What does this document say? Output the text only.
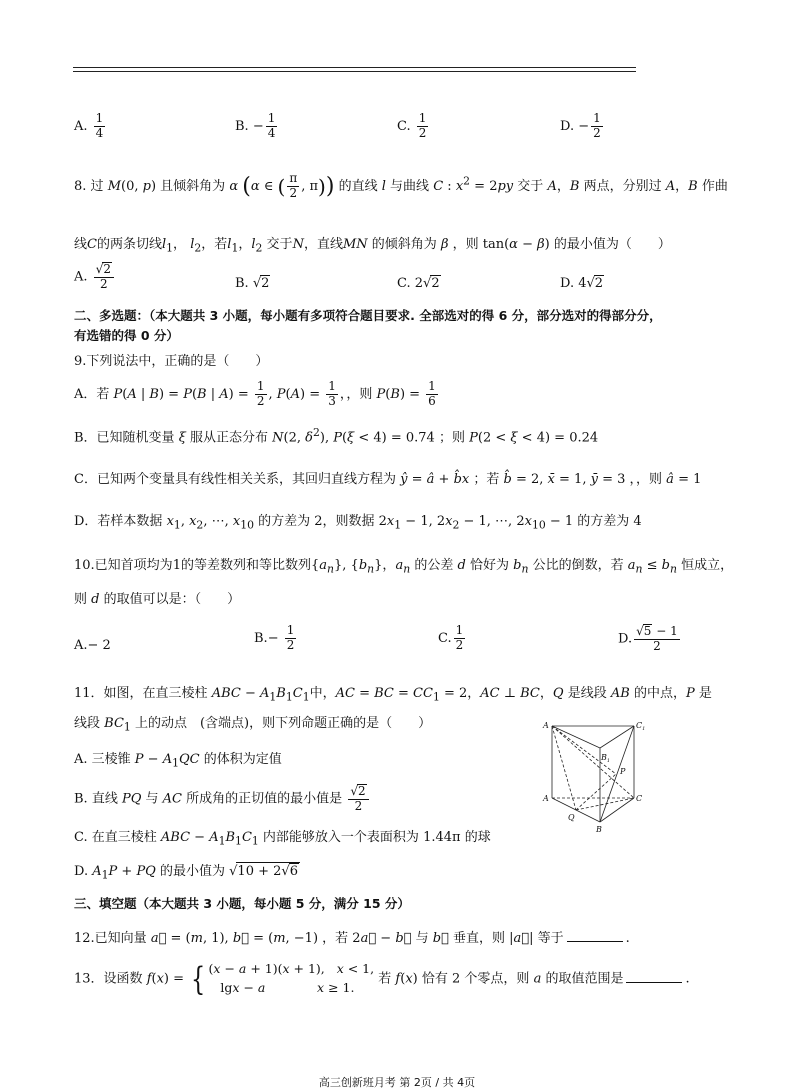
A. $\frac{1}{4}$	B. − $\frac{1}{4}$	C. $\frac{1}{2}$	D. − $\frac{1}{2}$
8. 过 M(0, p) 且倾斜角为 α (α ∈ ( $\frac{\pi}{2}$ , π)) 的直线 l 与曲线 C : $x^2 = 2py$ 交于 A，B 两点，分别过 A，B 作曲
线C的两条切线$l_1$， $l_2$，若$l_1$，$l_2$ 交于N，直线MN 的倾斜角为 β ，则 tan(α − β) 的最小值为（　　）
A. $\frac{√2}{2}$	B. √2	C. 2√2	D. 4√2
二、多选题：（本大题共 3 小题，每小题有多项符合题目要求. 全部选对的得 6 分，部分选对的得部分分，
有选错的得 0 分）
9.下列说法中，正确的是（　　）
A．若 P(A | B) = P(B | $A) = \frac{1}{2}$ , $P(A) = \frac{1}{3}$ ，，则 $P(B) = \frac{1}{6}$
B．已知随机变量 ξ 服从正态分布 N(2, $\delta^2$), P(ξ < 4) = 0.74 ；则 P(2 < ξ < 4) = 0.24
C．已知两个变量具有线性相关关系，其回归直线方程为 ŷ = â + b̂x ；若 b̂ = 2, x̄ = 1, ȳ = 3 ，，则 â = 1
D．若样本数据 $x_1$, $x_2$, ⋯, $x_{10}$ 的方差为 2，则数据 $2x_1 - 1$, $2x_2 - 1$, ⋯, $2x_{10} - 1$ 的方差为 4
10.已知首项均为1的等差数列和等比数列$\{a_n\}$, $\{b_n\}$，$a_n$ 的公差 d 恰好为 $b_n$ 公比的倒数，若 $a_n \le b_n$ 恒成立，
则 d 的取值可以是：（　　）
A.− 2	$B.- \frac{1}{2}$	C. $\frac{1}{2}$	D. $\frac{√5 - 1}{2}$
11．如图，在直三棱柱 ABC − $A_1B_1C_1$中，AC = BC = $CC_1 = 2$，AC ⊥ BC，Q 是线段 AB 的中点，P 是
线段 $BC_1$ 上的动点　(含端点)，则下列命题正确的是（　　）
A. 三棱锥 $P - A_1QC$ 的体积为定值
B. 直线 PQ 与 AC 所成角的正切值的最小值是 $\frac{√2}{2}$
C. 在直三棱柱 ABC − $A_1B_1C_1$ 内部能够放入一个表面积为 1.44π 的球
D. $A_1P$ + PQ 的最小值为 √10 + 2√6
A	$C_1$
$B_1$
P
A	C
Q
B
三、填空题（本大题共 3 小题，每小题 5 分，满分 15 分）
12.已知向量 a⃗ = (m, 1), b⃗ = (m, −1) ，若 2a⃗ − b⃗ 与 b⃗ 垂直，则 |a⃗| 等于	.
13．设函数 f(x) = { (x − a + 1)(x + 1),   x < 1,
lgx − a	x ≥ 1.
若 f(x) 恰有 2 个零点，则 a 的取值范围是	.
高三创新班月考 第 2页 / 共 4页
